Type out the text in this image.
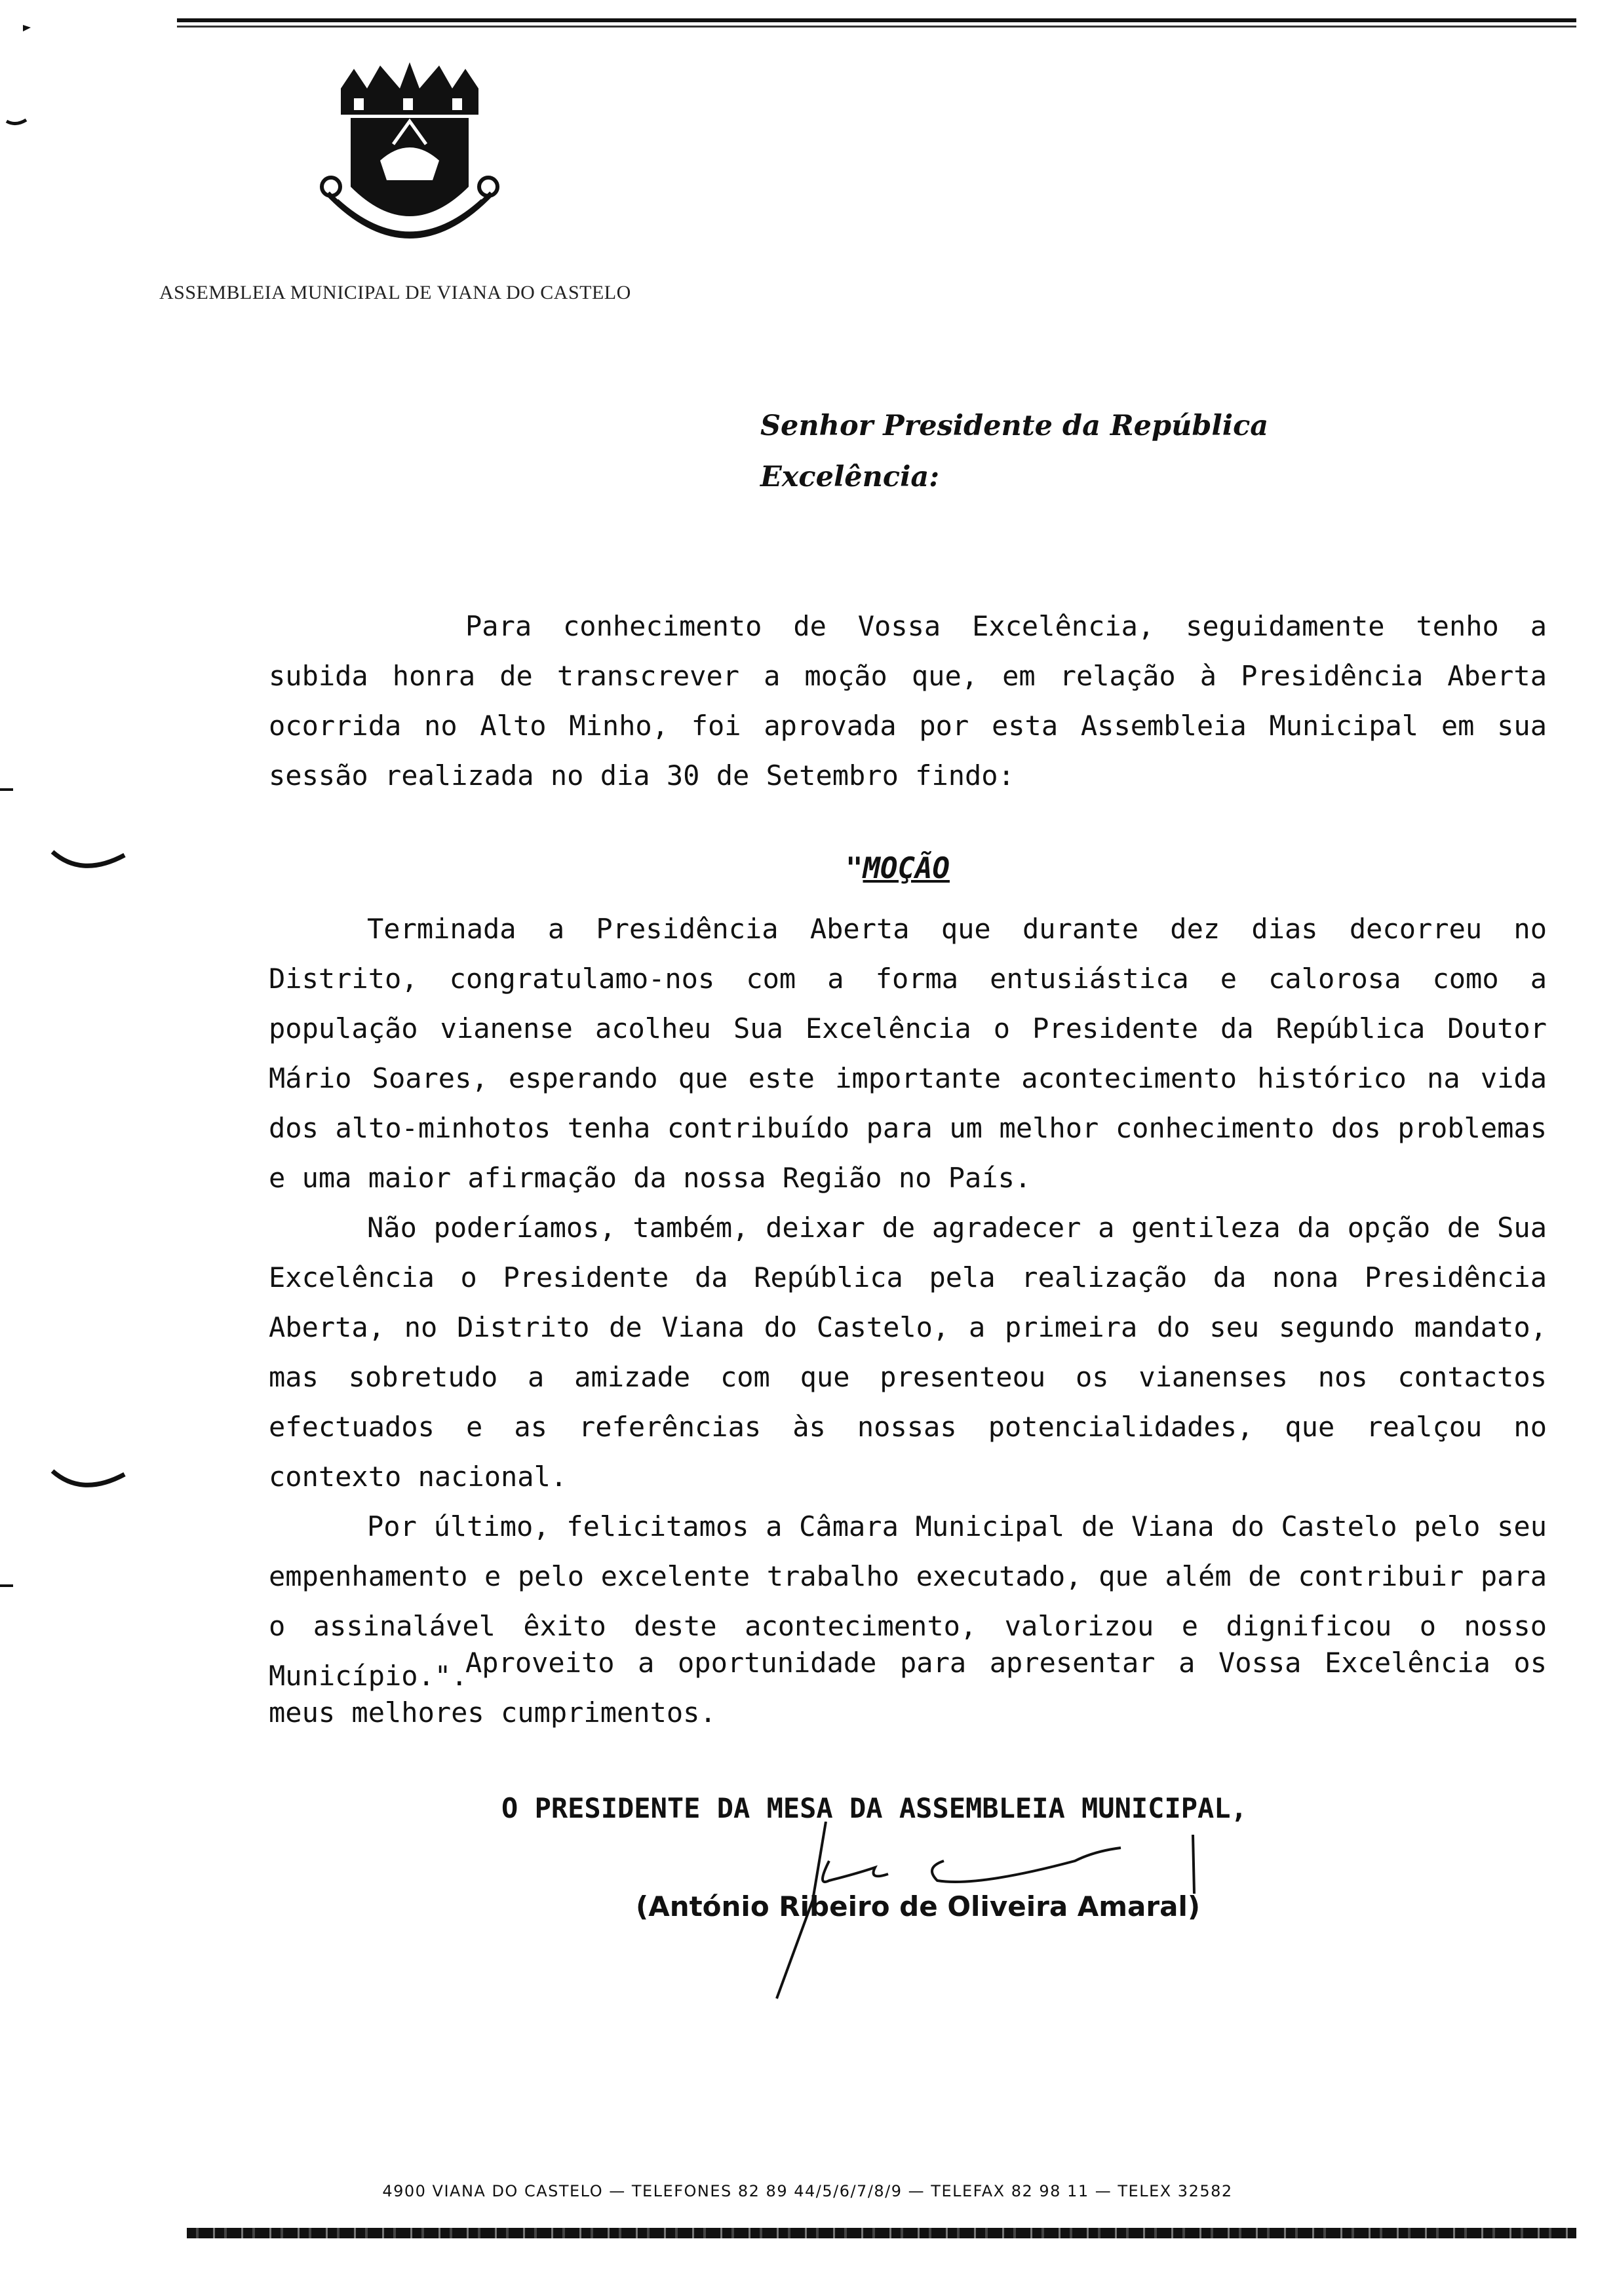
ASSEMBLEIA MUNICIPAL DE VIANA DO CASTELO
Senhor Presidente da República
Excelência:

Para conhecimento de Vossa Excelência, seguidamente tenho a subida honra de transcrever a moção que, em relação à Presidência Aberta ocorrida no Alto Minho, foi aprovada por esta Assembleia Municipal em sua sessão realizada no dia 30 de Setembro findo:

"MOÇÃO

Terminada a Presidência Aberta que durante dez dias decorreu no Distrito, congratulamo-nos com a forma entusiástica e calorosa como a população vianense acolheu Sua Excelência o Presidente da República Doutor Mário Soares, esperando que este importante acontecimento histórico na vida dos alto-minhotos tenha contribuído para um melhor conhecimento dos problemas e uma maior afirmação da nossa Região no País.

Não poderíamos, também, deixar de agradecer a gentileza da opção de Sua Excelência o Presidente da República pela realização da nona Presidência Aberta, no Distrito de Viana do Castelo, a primeira do seu segundo mandato, mas sobretudo a amizade com que presenteou os vianenses nos contactos efectuados e as referências às nossas potencialidades, que realçou no contexto nacional.

Por último, felicitamos a Câmara Municipal de Viana do Castelo pelo seu empenhamento e pelo excelente trabalho executado, que além de contribuir para o assinalável êxito deste acontecimento, valorizou e dignificou o nosso Município.".

Aproveito a oportunidade para apresentar a Vossa Excelência os meus melhores cumprimentos.

O PRESIDENTE DA MESA DA ASSEMBLEIA MUNICIPAL,
(António Ribeiro de Oliveira Amaral)
4900 VIANA DO CASTELO — TELEFONES 82 89 44/5/6/7/8/9 — TELEFAX 82 98 11 — TELEX 32582
